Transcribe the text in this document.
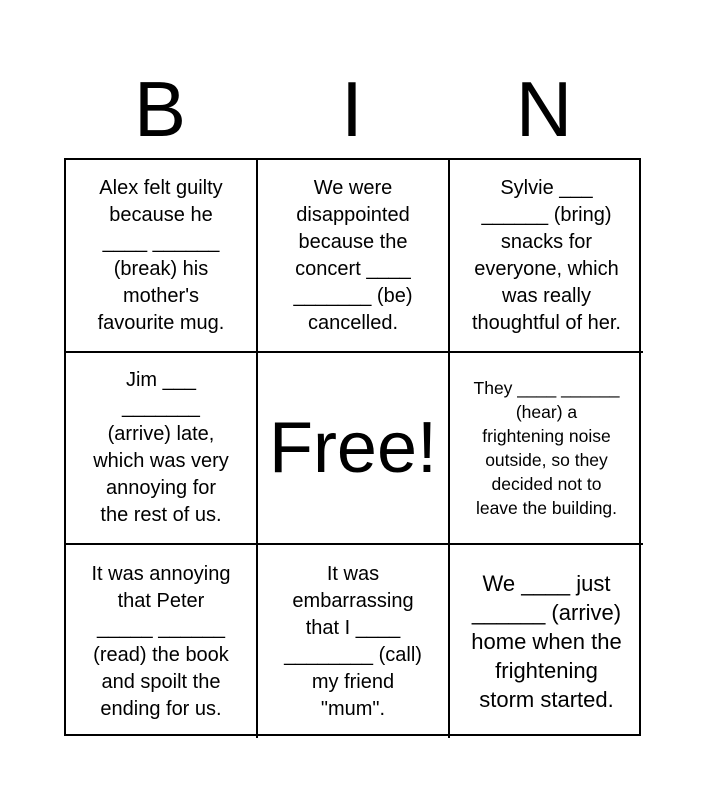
B	I	N
Alex felt guilty
because he
____ ______
(break) his
mother's
favourite mug.
We were
disappointed
because the
concert ____
_______ (be)
cancelled.
Sylvie ___
______ (bring)
snacks for
everyone, which
was really
thoughtful of her.
Jim ___
_______
(arrive) late,
which was very
annoying for
the rest of us.
Free!
They ____ ______
(hear) a
frightening noise
outside, so they
decided not to
leave the building.
It was annoying
that Peter
_____ ______
(read) the book
and spoilt the
ending for us.
It was
embarrassing
that I ____
________ (call)
my friend
"mum".
We ____ just
______ (arrive)
home when the
frightening
storm started.
